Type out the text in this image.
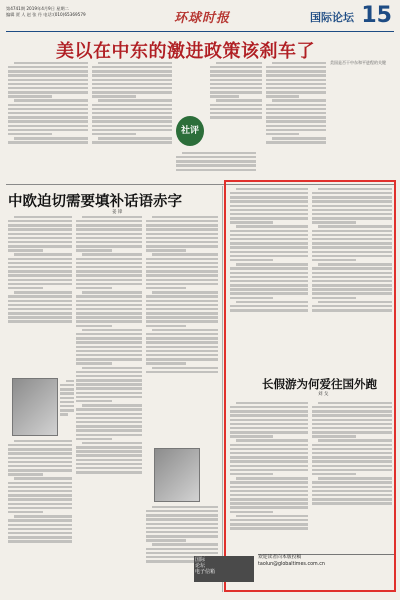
第4741期 2019年4月9日 星期二
编辑 贾 人 赵 张 丹 电话:(010)65369579	环球时报	国际论坛 15
美以在中东的激进政策该刹车了
美国是否干中东和平进程的关键
社评
中欧迫切需要填补话语赤字
姜 锋
长假游为何爱往国外跑
刘 戈
国际
论坛
电子信箱
欢迎读者向本版投稿
taolun@globaltimes.com.cn
